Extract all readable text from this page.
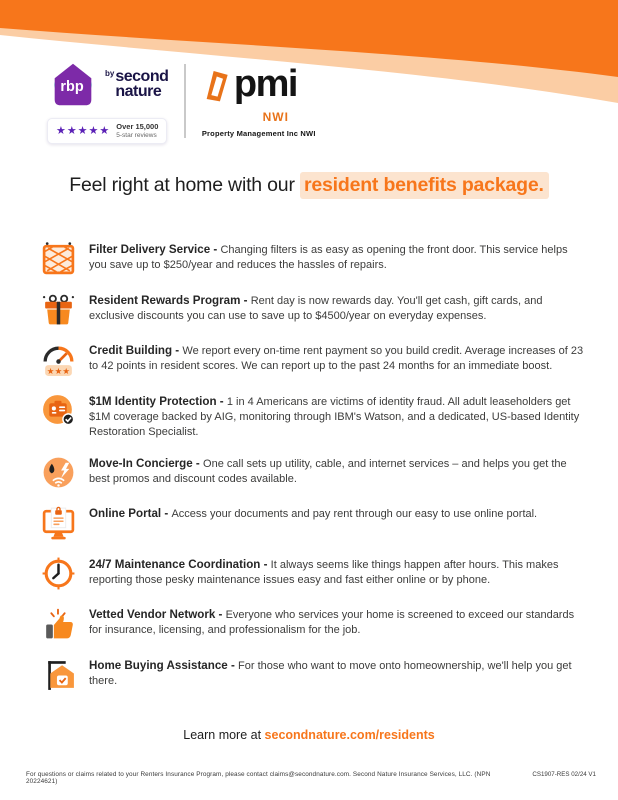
rbp
$^{by}$ second
nature
★★★★★ Over 15,000
5-star reviews
pmi
NWI
Property Management Inc NWI
Feel right at home with our resident benefits package.
Filter Delivery Service - Changing filters is as easy as opening the front door. This service helps you save up to $250/year and reduces the hassles of repairs.
Resident Rewards Program - Rent day is now rewards day. You'll get cash, gift cards, and exclusive discounts you can use to save up to $4500/year on everyday expenses.
★★★
Credit Building - We report every on-time rent payment so you build credit. Average increases of 23 to 42 points in resident scores. We can report up to the past 24 months for an immediate boost.
$1M Identity Protection - 1 in 4 Americans are victims of identity fraud. All adult leaseholders get $1M coverage backed by AIG, monitoring through IBM's Watson, and a dedicated, US-based Identity Restoration Specialist.
Move-In Concierge - One call sets up utility, cable, and internet services – and helps you get the best promos and discount codes available.
Online Portal - Access your documents and pay rent through our easy to use online portal.
24/7 Maintenance Coordination - It always seems like things happen after hours. This makes reporting those pesky maintenance issues easy and fast either online or by phone.
Vetted Vendor Network - Everyone who services your home is screened to exceed our standards for insurance, licensing, and professionalism for the job.
Home Buying Assistance - For those who want to move onto homeownership, we'll help you get there.
Learn more at secondnature.com/residents
For questions or claims related to your Renters Insurance Program, please contact claims@secondnature.com. Second Nature Insurance Services, LLC. (NPN 20224621)
CS1907-RES 02/24 V1
